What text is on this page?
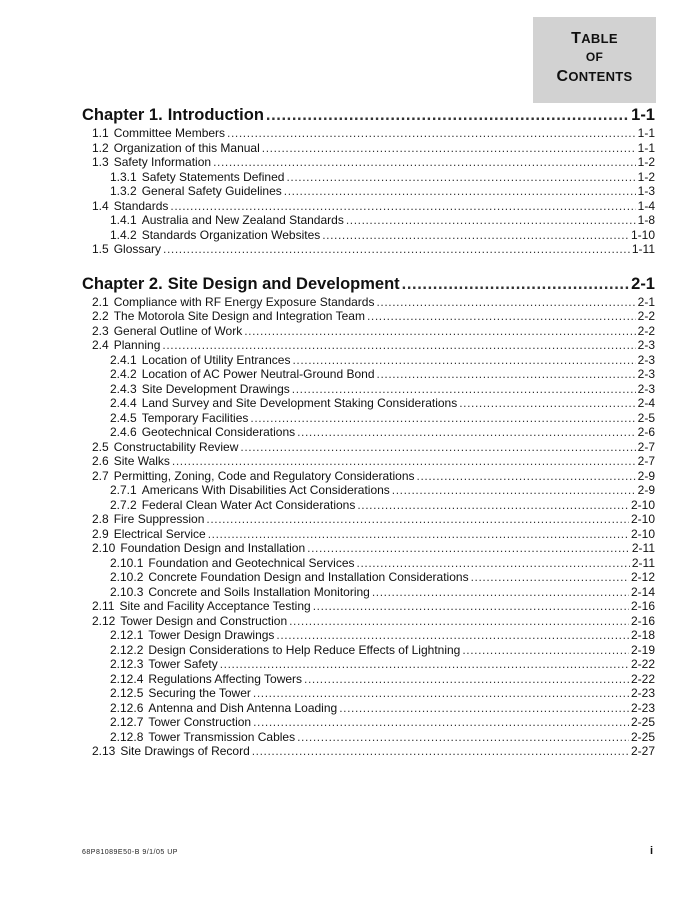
TABLE
OF
CONTENTS
Chapter 1. Introduction .....	1-1
1.1 Committee Members .....	1-1
1.2 Organization of this Manual .....	1-1
1.3 Safety Information .....	1-2
1.3.1 Safety Statements Defined .....	1-2
1.3.2 General Safety Guidelines .....	1-3
1.4 Standards .....	1-4
1.4.1 Australia and New Zealand Standards .....	1-8
1.4.2 Standards Organization Websites .....	1-10
1.5 Glossary .....	1-11
Chapter 2. Site Design and Development .....	2-1
2.1 Compliance with RF Energy Exposure Standards .....	2-1
2.2 The Motorola Site Design and Integration Team .....	2-2
2.3 General Outline of Work .....	2-2
2.4 Planning .....	2-3
2.4.1 Location of Utility Entrances .....	2-3
2.4.2 Location of AC Power Neutral-Ground Bond .....	2-3
2.4.3 Site Development Drawings .....	2-3
2.4.4 Land Survey and Site Development Staking Considerations .....	2-4
2.4.5 Temporary Facilities .....	2-5
2.4.6 Geotechnical Considerations .....	2-6
2.5 Constructability Review .....	2-7
2.6 Site Walks .....	2-7
2.7 Permitting, Zoning, Code and Regulatory Considerations .....	2-9
2.7.1 Americans With Disabilities Act Considerations .....	2-9
2.7.2 Federal Clean Water Act Considerations .....	2-10
2.8 Fire Suppression .....	2-10
2.9 Electrical Service .....	2-10
2.10 Foundation Design and Installation .....	2-11
2.10.1 Foundation and Geotechnical Services .....	2-11
2.10.2 Concrete Foundation Design and Installation Considerations .....	2-12
2.10.3 Concrete and Soils Installation Monitoring .....	2-14
2.11 Site and Facility Acceptance Testing .....	2-16
2.12 Tower Design and Construction .....	2-16
2.12.1 Tower Design Drawings .....	2-18
2.12.2 Design Considerations to Help Reduce Effects of Lightning .....	2-19
2.12.3 Tower Safety .....	2-22
2.12.4 Regulations Affecting Towers .....	2-22
2.12.5 Securing the Tower .....	2-23
2.12.6 Antenna and Dish Antenna Loading .....	2-23
2.12.7 Tower Construction .....	2-25
2.12.8 Tower Transmission Cables .....	2-25
2.13 Site Drawings of Record .....	2-27
68P81089E50-B 9/1/05 UP	i
